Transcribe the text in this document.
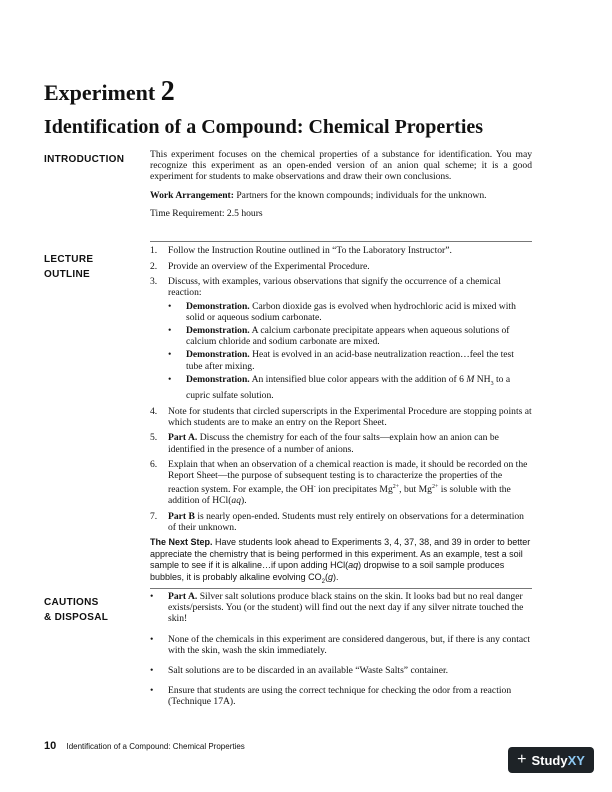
Experiment 2
Identification of a Compound: Chemical Properties
INTRODUCTION	This experiment focuses on the chemical properties of a substance for identification. You may recognize this experiment as an open-ended version of an anion qual scheme; it is a good experiment for students to make observations and draw their own conclusions.
Work Arrangement: Partners for the known compounds; individuals for the unknown.
Time Requirement: 2.5 hours
LECTURE
OUTLINE
1. Follow the Instruction Routine outlined in “To the Laboratory Instructor”.
2. Provide an overview of the Experimental Procedure.
3. Discuss, with examples, various observations that signify the occurrence of a chemical reaction:
• Demonstration. Carbon dioxide gas is evolved when hydrochloric acid is mixed with solid or aqueous sodium carbonate.
• Demonstration. A calcium carbonate precipitate appears when aqueous solutions of calcium chloride and sodium carbonate are mixed.
• Demonstration. Heat is evolved in an acid-base neutralization reaction…feel the test tube after mixing.
• Demonstration. An intensified blue color appears with the addition of 6 M $NH_3$ to a cupric sulfate solution.
4. Note for students that circled superscripts in the Experimental Procedure are stopping points at which students are to make an entry on the Report Sheet.
5. Part A. Discuss the chemistry for each of the four salts—explain how an anion can be identified in the presence of a number of anions.
6. Explain that when an observation of a chemical reaction is made, it should be recorded on the Report Sheet—the purpose of subsequent testing is to characterize the properties of the reaction system. For example, the OH- ion precipitates $Mg^{2+}$, but $Mg^{2+}$ is soluble with the addition of HCl(aq).
7. Part B is nearly open-ended. Students must rely entirely on observations for a determination of their unknown.
The Next Step. Have students look ahead to Experiments 3, 4, 37, 38, and 39 in order to better appreciate the chemistry that is being performed in this experiment. As an example, test a soil sample to see if it is alkaline…if upon adding HCl(aq) dropwise to a soil sample produces bubbles, it is probably alkaline evolving $CO_2(g)$.
CAUTIONS
& DISPOSAL
• Part A. Silver salt solutions produce black stains on the skin. It looks bad but no real danger exists/persists. You (or the student) will find out the next day if any silver nitrate touched the skin!
• None of the chemicals in this experiment are considered dangerous, but, if there is any contact with the skin, wash the skin immediately.
• Salt solutions are to be discarded in an available “Waste Salts” container.
• Ensure that students are using the correct technique for checking the odor from a reaction (Technique 17A).
10 Identification of a Compound: Chemical Properties
+ Study XY
